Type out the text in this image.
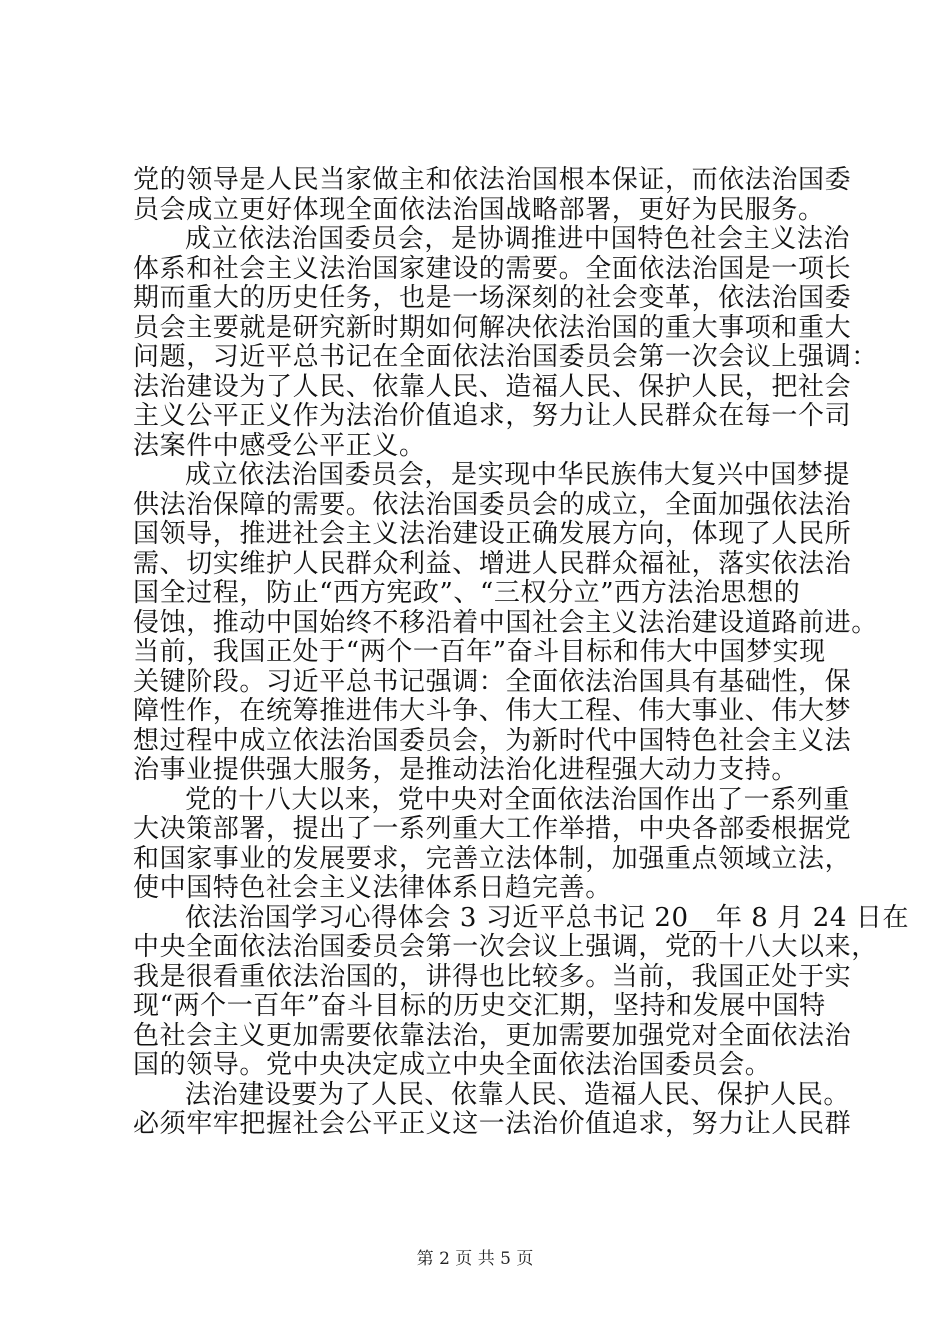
党的领导是人民当家做主和依法治国根本保证，而依法治国委
员会成立更好体现全面依法治国战略部署，更好为民服务。
成立依法治国委员会，是协调推进中国特色社会主义法治
体系和社会主义法治国家建设的需要。全面依法治国是一项长
期而重大的历史任务，也是一场深刻的社会变革，依法治国委
员会主要就是研究新时期如何解决依法治国的重大事项和重大
问题，习近平总书记在全面依法治国委员会第一次会议上强调：
法治建设为了人民、依靠人民、造福人民、保护人民，把社会
主义公平正义作为法治价值追求，努力让人民群众在每一个司
法案件中感受公平正义。
成立依法治国委员会，是实现中华民族伟大复兴中国梦提
供法治保障的需要。依法治国委员会的成立，全面加强依法治
国领导，推进社会主义法治建设正确发展方向，体现了人民所
需、切实维护人民群众利益、增进人民群众福祉，落实依法治
国全过程，防止“西方宪政”、“三权分立”西方法治思想的
侵蚀，推动中国始终不移沿着中国社会主义法治建设道路前进。
当前，我国正处于“两个一百年”奋斗目标和伟大中国梦实现
关键阶段。习近平总书记强调：全面依法治国具有基础性，保
障性作，在统筹推进伟大斗争、伟大工程、伟大事业、伟大梦
想过程中成立依法治国委员会，为新时代中国特色社会主义法
治事业提供强大服务，是推动法治化进程强大动力支持。
党的十八大以来，党中央对全面依法治国作出了一系列重
大决策部署，提出了一系列重大工作举措，中央各部委根据党
和国家事业的发展要求，完善立法体制，加强重点领域立法，
使中国特色社会主义法律体系日趋完善。
依法治国学习心得体会 3 习近平总书记 20__年 8 月 24 日在
中央全面依法治国委员会第一次会议上强调，党的十八大以来，
我是很看重依法治国的，讲得也比较多。当前，我国正处于实
现“两个一百年”奋斗目标的历史交汇期，坚持和发展中国特
色社会主义更加需要依靠法治，更加需要加强党对全面依法治
国的领导。党中央决定成立中央全面依法治国委员会。
法治建设要为了人民、依靠人民、造福人民、保护人民。
必须牢牢把握社会公平正义这一法治价值追求，努力让人民群
第 2 页 共 5 页
